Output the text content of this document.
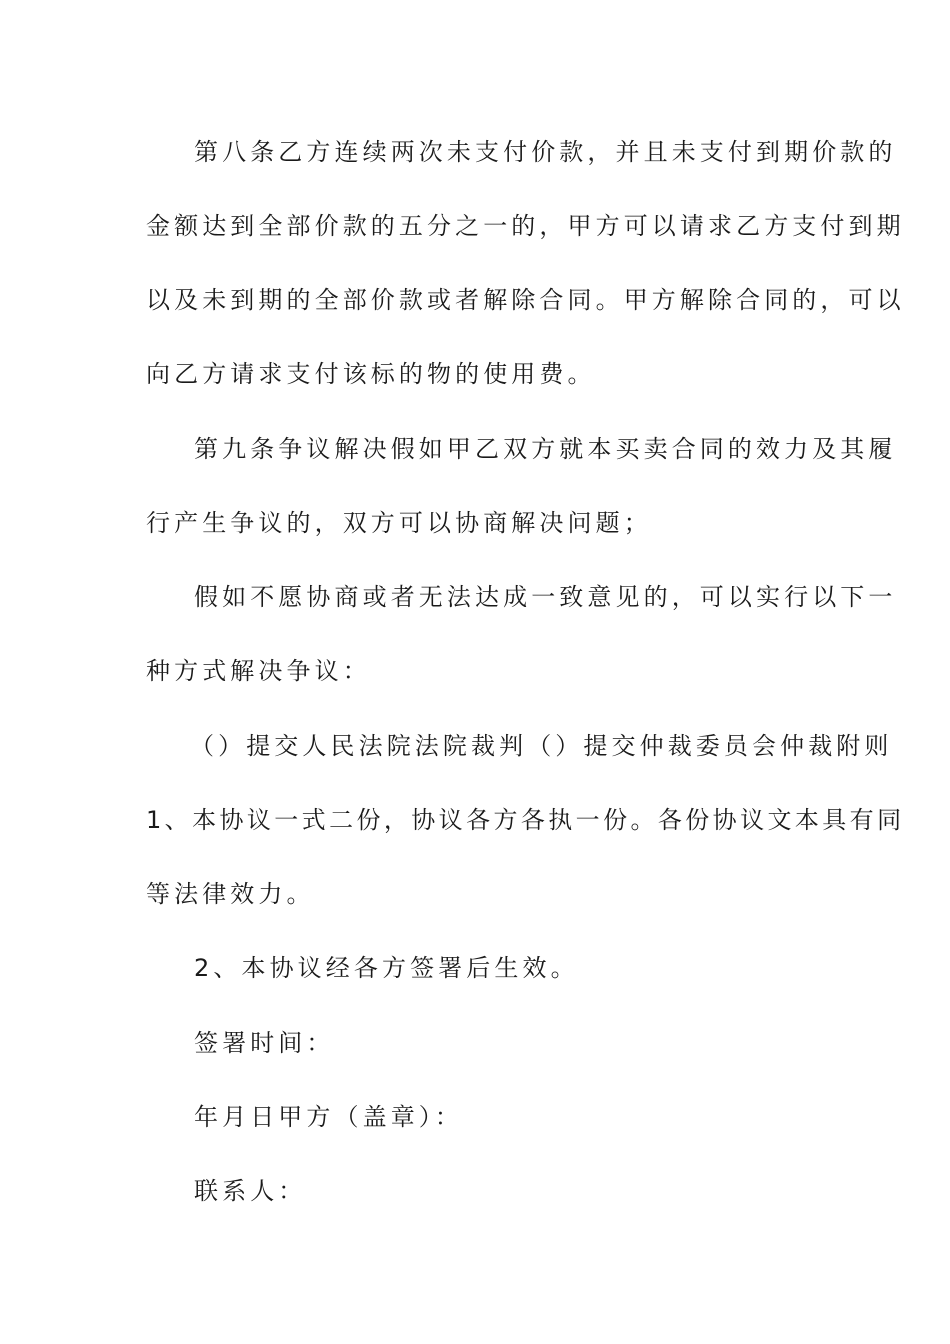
第八条乙方连续两次未支付价款，并且未支付到期价款的
金额达到全部价款的五分之一的，甲方可以请求乙方支付到期
以及未到期的全部价款或者解除合同。甲方解除合同的，可以
向乙方请求支付该标的物的使用费。
第九条争议解决假如甲乙双方就本买卖合同的效力及其履
行产生争议的，双方可以协商解决问题；
假如不愿协商或者无法达成一致意见的，可以实行以下一
种方式解决争议：
（）提交人民法院法院裁判（）提交仲裁委员会仲裁附则
1、本协议一式二份，协议各方各执一份。各份协议文本具有同
等法律效力。
2、本协议经各方签署后生效。
签署时间：
年月日甲方（盖章）：
联系人：
